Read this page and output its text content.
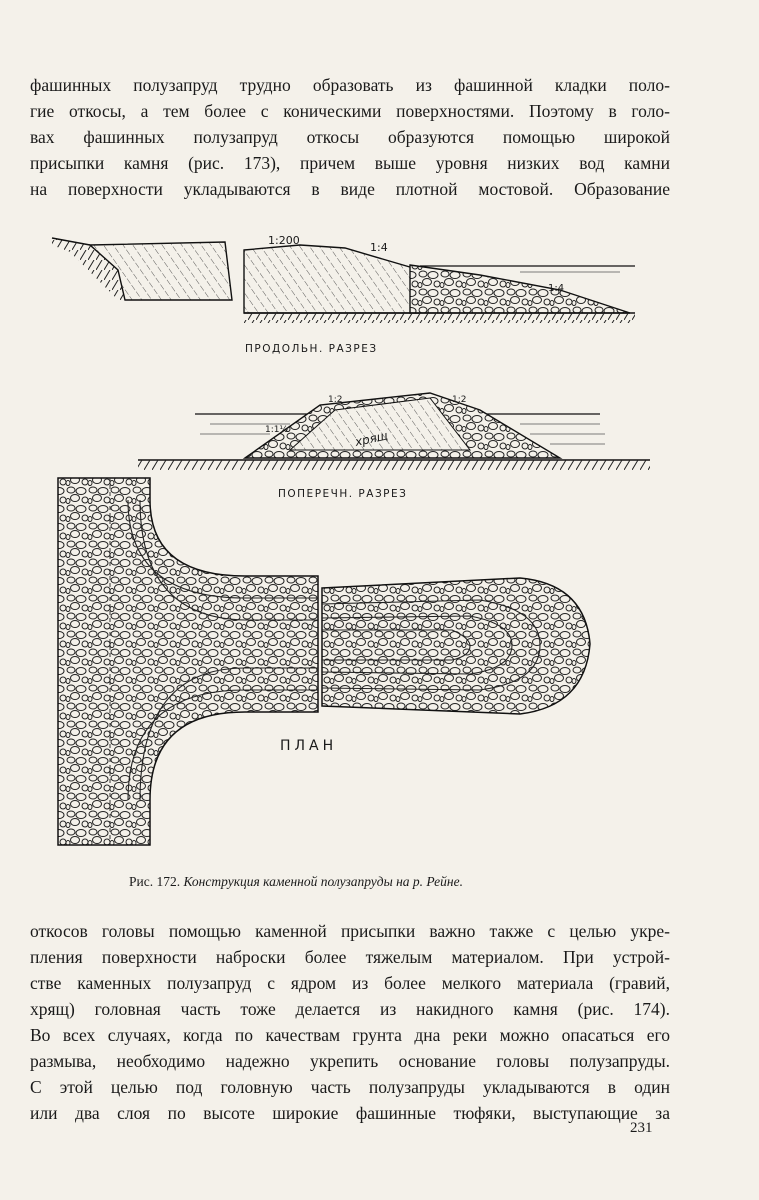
фашинных полузапруд трудно образовать из фашинной кладки поло-
гие откосы, а тем более с коническими поверхностями. Поэтому в голо-
вах фашинных полузапруд откосы образуются помощью широкой
присыпки камня (рис. 173), причем выше уровня низких вод камни
на поверхности укладываются в виде плотной мостовой. Образование
1:200
1:4
1:4
ПРОДОЛЬН. РАЗРЕЗ
1:2
1:1½
1:2
хрящ
ПОПЕРЕЧН. РАЗРЕЗ
ПЛАН
Рис. 172. Конструкция каменной полузапруды на р. Рейне.
откосов головы помощью каменной присыпки важно также с целью укре-
пления поверхности наброски более тяжелым материалом. При устрой-
стве каменных полузапруд с ядром из более мелкого материала (гравий,
хрящ) головная часть тоже делается из накидного камня (рис. 174).
Во всех случаях, когда по качествам грунта дна реки можно опасаться его
размыва, необходимо надежно укрепить основание головы полузапруды.
С этой целью под головную часть полузапруды укладываются в один
или два слоя по высоте широкие фашинные тюфяки, выступающие за
231
